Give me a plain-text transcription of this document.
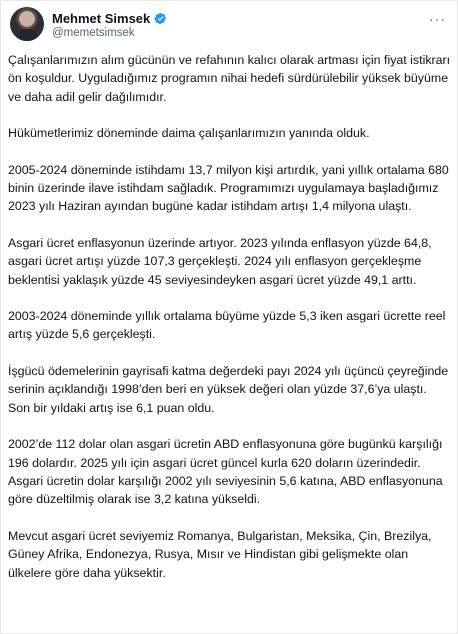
Mehmet Simsek
@memetsimsek
···

Çalışanlarımızın alım gücünün ve refahının kalıcı olarak artması için fiyat istikrarı ön koşuldur. Uyguladığımız programın nihai hedefi sürdürülebilir yüksek büyüme ve daha adil gelir dağılımıdır.

Hükümetlerimiz döneminde daima çalışanlarımızın yanında olduk.

2005-2024 döneminde istihdamı 13,7 milyon kişi artırdık, yani yıllık ortalama 680 binin üzerinde ilave istihdam sağladık. Programımızı uygulamaya başladığımız 2023 yılı Haziran ayından bugüne kadar istihdam artışı 1,4 milyona ulaştı.

Asgari ücret enflasyonun üzerinde artıyor. 2023 yılında enflasyon yüzde 64,8, asgari ücret artışı yüzde 107,3 gerçekleşti. 2024 yılı enflasyon gerçekleşme beklentisi yaklaşık yüzde 45 seviyesindeyken asgari ücret yüzde 49,1 arttı.

2003-2024 döneminde yıllık ortalama büyüme yüzde 5,3 iken asgari ücrette reel artış yüzde 5,6 gerçekleşti.

İşgücü ödemelerinin gayrisafi katma değerdeki payı 2024 yılı üçüncü çeyreğinde serinin açıklandığı 1998’den beri en yüksek değeri olan yüzde 37,6’ya ulaştı. Son bir yıldaki artış ise 6,1 puan oldu.

2002’de 112 dolar olan asgari ücretin ABD enflasyonuna göre bugünkü karşılığı 196 dolardır. 2025 yılı için asgari ücret güncel kurla 620 doların üzerindedir. Asgari ücretin dolar karşılığı 2002 yılı seviyesinin 5,6 katına, ABD enflasyonuna göre düzeltilmiş olarak ise 3,2 katına yükseldi.

Mevcut asgari ücret seviyemiz Romanya, Bulgaristan, Meksika, Çin, Brezilya, Güney Afrika, Endonezya, Rusya, Mısır ve Hindistan gibi gelişmekte olan ülkelere göre daha yüksektir.
